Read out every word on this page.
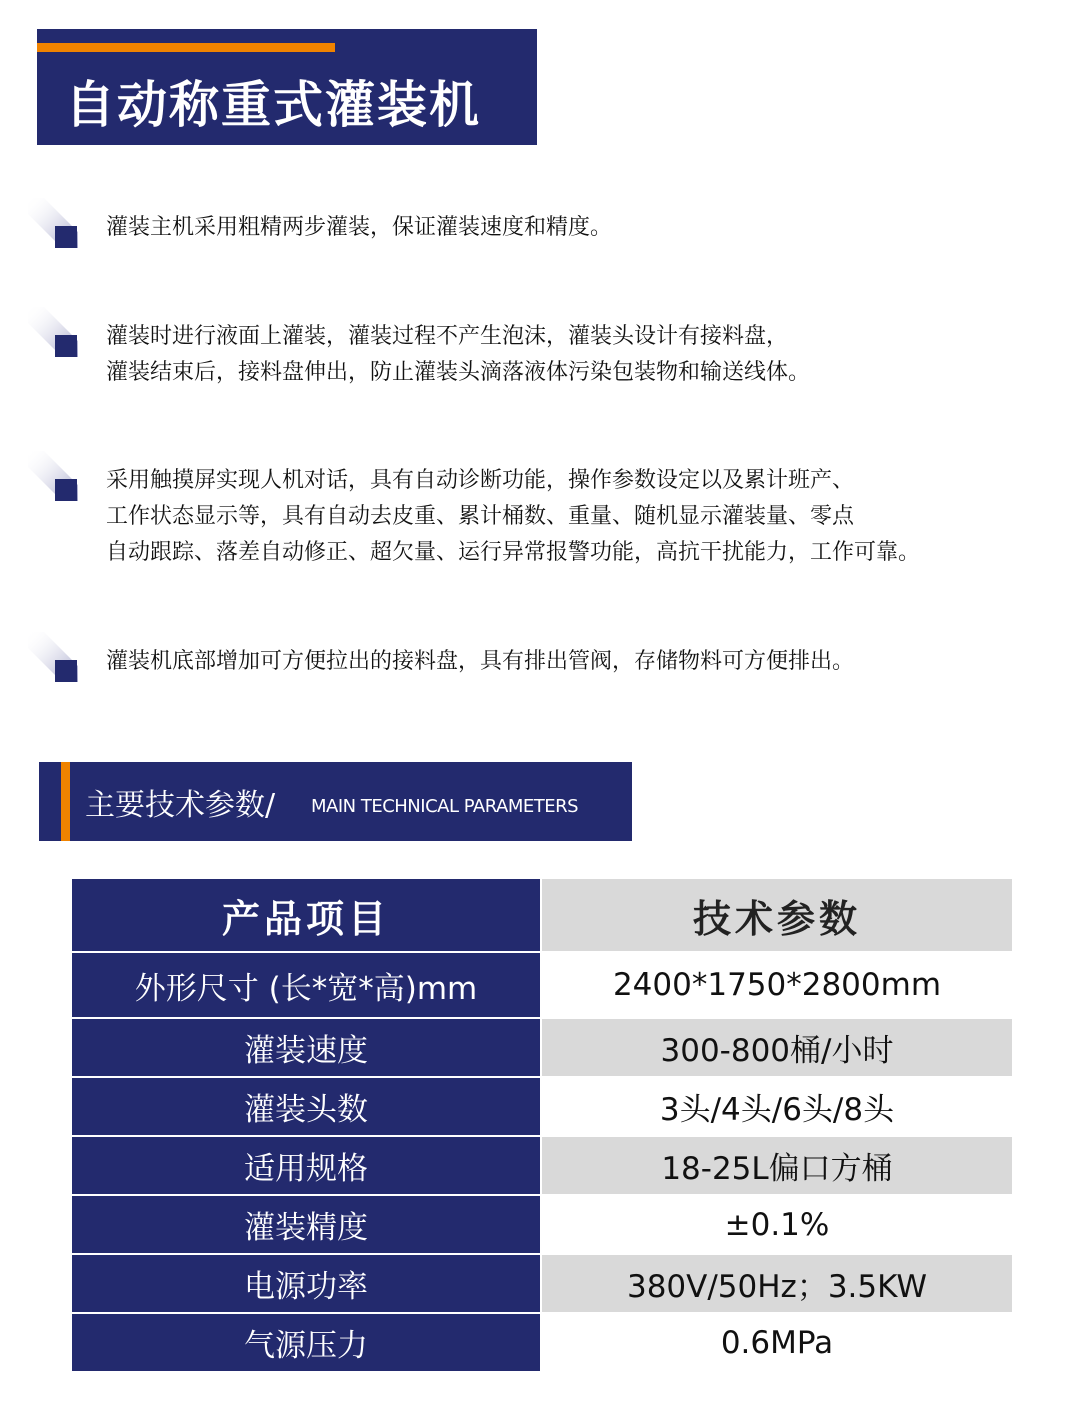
自动称重式灌装机
灌装主机采用粗精两步灌装，保证灌装速度和精度。
灌装时进行液面上灌装，灌装过程不产生泡沫，灌装头设计有接料盘，
灌装结束后，接料盘伸出，防止灌装头滴落液体污染包装物和输送线体。
采用触摸屏实现人机对话，具有自动诊断功能，操作参数设定以及累计班产、
工作状态显示等，具有自动去皮重、累计桶数、重量、随机显示灌装量、零点
自动跟踪、落差自动修正、超欠量、运行异常报警功能，高抗干扰能力，工作可靠。
灌装机底部增加可方便拉出的接料盘，具有排出管阀，存储物料可方便排出。
主要技术参数/ MAIN TECHNICAL PARAMETERS
产品项目	技术参数
外形尺寸 (长*宽*高)mm	2400*1750*2800mm
灌装速度	300-800桶/小时
灌装头数	3头/4头/6头/8头
适用规格	18-25L偏口方桶
灌装精度	±0.1%
电源功率	380V/50Hz；3.5KW
气源压力	0.6MPa
